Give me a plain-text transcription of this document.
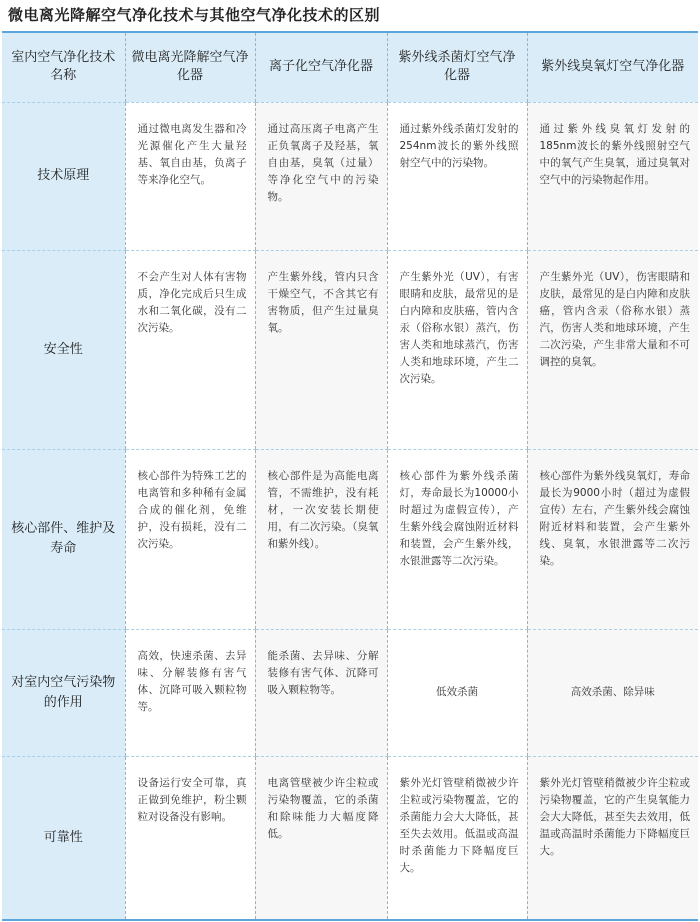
微电离光降解空气净化技术与其他空气净化技术的区别
室内空气净化技术名称	微电离光降解空气净化器	离子化空气净化器	紫外线杀菌灯空气净化器	紫外线臭氧灯空气净化器
技术原理	通过微电离发生器和冷光源催化产生大量羟基、氧自由基，负离子等来净化空气。	通过高压离子电离产生正负氧离子及羟基，氧自由基，臭氧（过量）等净化空气中的污染物。	通过紫外线杀菌灯发射的254nm波长的紫外线照射空气中的污染物。	通过紫外线臭氧灯发射的185nm波长的紫外线照射空气中的氧气产生臭氧，通过臭氧对空气中的污染物起作用。
安全性	不会产生对人体有害物质，净化完成后只生成水和二氧化碳，没有二次污染。	产生紫外线，管内只含干燥空气，不含其它有害物质，但产生过量臭氧。	产生紫外光（UV），有害眼睛和皮肤，最常见的是白内障和皮肤癌，管内含汞（俗称水银）蒸汽，伤害人类和地球蒸汽，伤害人类和地球环境，产生二次污染。	产生紫外光（UV），伤害眼睛和皮肤，最常见的是白内障和皮肤癌，管内含汞（俗称水银）蒸汽，伤害人类和地球环境，产生二次污染，产生非常大量和不可调控的臭氧。
核心部件、维护及寿命	核心部件为特殊工艺的电离管和多种稀有金属合成的催化剂，免维护，没有损耗，没有二次污染。	核心部件是为高能电离管，不需维护，没有耗材，一次安装长期使用，有二次污染。（臭氧和紫外线）。	核心部件为紫外线杀菌灯，寿命最长为10000小时超过为虚假宣传），产生紫外线会腐蚀附近材料和装置，会产生紫外线，水银泄露等二次污染。	核心部件为紫外线臭氧灯，寿命最长为9000小时（超过为虚假宣传）左右，产生紫外线会腐蚀附近材料和装置，会产生紫外线、臭氧，水银泄露等二次污染。
对室内空气污染物的作用	高效，快速杀菌、去异味、分解装修有害气体、沉降可吸入颗粒物等。	能杀菌、去异味、分解装修有害气体、沉降可吸入颗粒物等。	低效杀菌	高效杀菌、除异味
可靠性	设备运行安全可靠，真正做到免维护，粉尘颗粒对设备没有影响。	电离管壁被少许尘粒或污染物覆盖，它的杀菌和除味能力大幅度降低。	紫外光灯管壁稍微被少许尘粒或污染物覆盖，它的杀菌能力会大大降低，甚至失去效用。低温或高温时杀菌能力下降幅度巨大。	紫外光灯管壁稍微被少许尘粒或污染物覆盖，它的产生臭氧能力会大大降低，甚至失去效用，低温或高温时杀菌能力下降幅度巨大。
